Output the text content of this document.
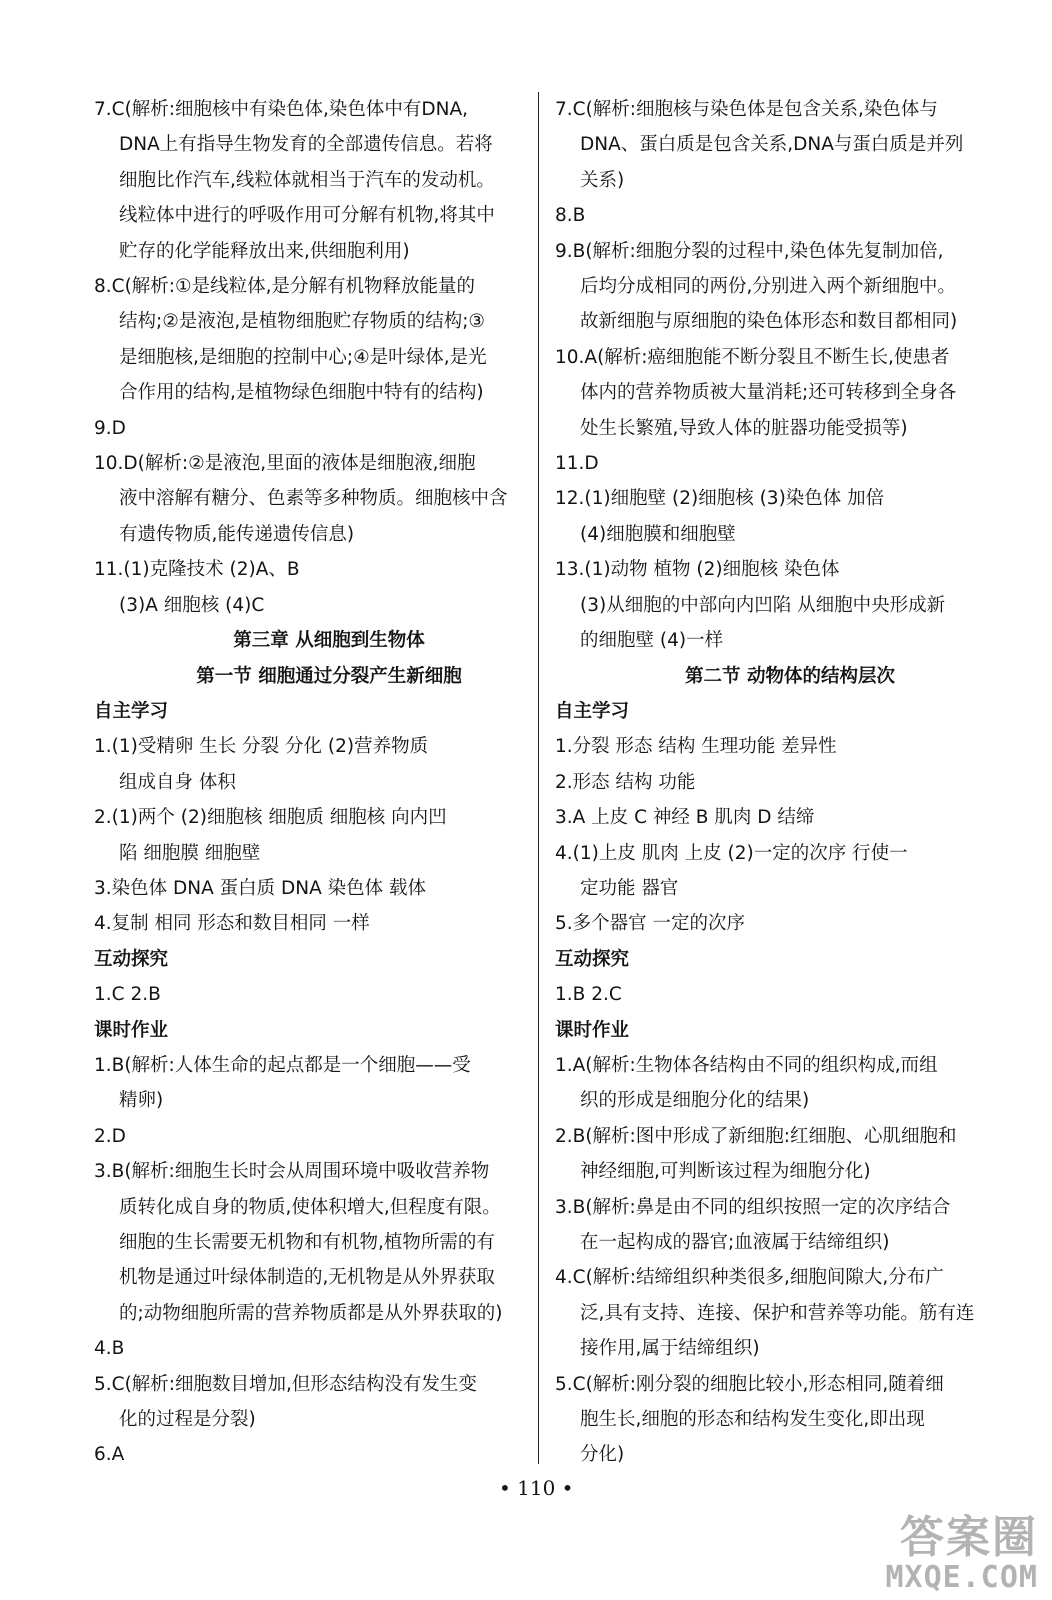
7.C(解析:细胞核中有染色体,染色体中有DNA,
DNA上有指导生物发育的全部遗传信息。若将
细胞比作汽车,线粒体就相当于汽车的发动机。
线粒体中进行的呼吸作用可分解有机物,将其中
贮存的化学能释放出来,供细胞利用)
8.C(解析:①是线粒体,是分解有机物释放能量的
结构;②是液泡,是植物细胞贮存物质的结构;③
是细胞核,是细胞的控制中心;④是叶绿体,是光
合作用的结构,是植物绿色细胞中特有的结构)
9.D
10.D(解析:②是液泡,里面的液体是细胞液,细胞
液中溶解有糖分、色素等多种物质。细胞核中含
有遗传物质,能传递遗传信息)
11.(1)克隆技术 (2)A、B
(3)A 细胞核 (4)C
第三章 从细胞到生物体
第一节 细胞通过分裂产生新细胞
自主学习
1.(1)受精卵 生长 分裂 分化 (2)营养物质
组成自身 体积
2.(1)两个 (2)细胞核 细胞质 细胞核 向内凹
陷 细胞膜 细胞壁
3.染色体 DNA 蛋白质 DNA 染色体 载体
4.复制 相同 形态和数目相同 一样
互动探究
1.C 2.B
课时作业
1.B(解析:人体生命的起点都是一个细胞——受
精卵)
2.D
3.B(解析:细胞生长时会从周围环境中吸收营养物
质转化成自身的物质,使体积增大,但程度有限。
细胞的生长需要无机物和有机物,植物所需的有
机物是通过叶绿体制造的,无机物是从外界获取
的;动物细胞所需的营养物质都是从外界获取的)
4.B
5.C(解析:细胞数目增加,但形态结构没有发生变
化的过程是分裂)
6.A
7.C(解析:细胞核与染色体是包含关系,染色体与
DNA、蛋白质是包含关系,DNA与蛋白质是并列
关系)
8.B
9.B(解析:细胞分裂的过程中,染色体先复制加倍,
后均分成相同的两份,分别进入两个新细胞中。
故新细胞与原细胞的染色体形态和数目都相同)
10.A(解析:癌细胞能不断分裂且不断生长,使患者
体内的营养物质被大量消耗;还可转移到全身各
处生长繁殖,导致人体的脏器功能受损等)
11.D
12.(1)细胞壁 (2)细胞核 (3)染色体 加倍
(4)细胞膜和细胞壁
13.(1)动物 植物 (2)细胞核 染色体
(3)从细胞的中部向内凹陷 从细胞中央形成新
的细胞壁 (4)一样
第二节 动物体的结构层次
自主学习
1.分裂 形态 结构 生理功能 差异性
2.形态 结构 功能
3.A 上皮 C 神经 B 肌肉 D 结缔
4.(1)上皮 肌肉 上皮 (2)一定的次序 行使一
定功能 器官
5.多个器官 一定的次序
互动探究
1.B 2.C
课时作业
1.A(解析:生物体各结构由不同的组织构成,而组
织的形成是细胞分化的结果)
2.B(解析:图中形成了新细胞:红细胞、心肌细胞和
神经细胞,可判断该过程为细胞分化)
3.B(解析:鼻是由不同的组织按照一定的次序结合
在一起构成的器官;血液属于结缔组织)
4.C(解析:结缔组织种类很多,细胞间隙大,分布广
泛,具有支持、连接、保护和营养等功能。筋有连
接作用,属于结缔组织)
5.C(解析:刚分裂的细胞比较小,形态相同,随着细
胞生长,细胞的形态和结构发生变化,即出现
分化)
• 110 •
答案圈
MXQE.COM
